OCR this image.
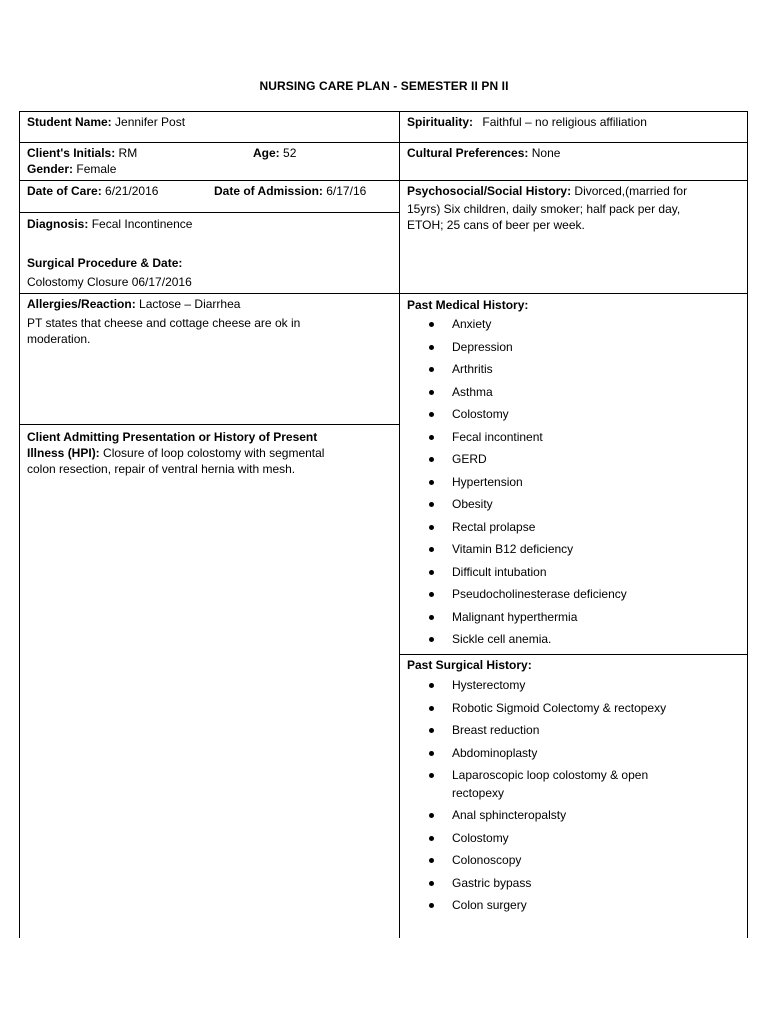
NURSING CARE PLAN - SEMESTER II PN II
Student Name: Jennifer Post
Client's Initials: RM	Age: 52
Gender: Female
Date of Care: 6/21/2016	Date of Admission: 6/17/16
Diagnosis: Fecal Incontinence
Surgical Procedure & Date:
Colostomy Closure 06/17/2016
Allergies/Reaction: Lactose – Diarrhea
PT states that cheese and cottage cheese are ok in
moderation.
Client Admitting Presentation or History of Present
Illness (HPI): Closure of loop colostomy with segmental
colon resection, repair of ventral hernia with mesh.
Spirituality: Faithful – no religious affiliation
Cultural Preferences: None
Psychosocial/Social History: Divorced,(married for
15yrs) Six children, daily smoker; half pack per day,
ETOH; 25 cans of beer per week.
Past Medical History:
Anxiety
Depression
Arthritis
Asthma
Colostomy
Fecal incontinent
GERD
Hypertension
Obesity
Rectal prolapse
Vitamin B12 deficiency
Difficult intubation
Pseudocholinesterase deficiency
Malignant hyperthermia
Sickle cell anemia.
Past Surgical History:
Hysterectomy
Robotic Sigmoid Colectomy & rectopexy
Breast reduction
Abdominoplasty
Laparoscopic loop colostomy & open
rectopexy
Anal sphincteropalsty
Colostomy
Colonoscopy
Gastric bypass
Colon surgery
